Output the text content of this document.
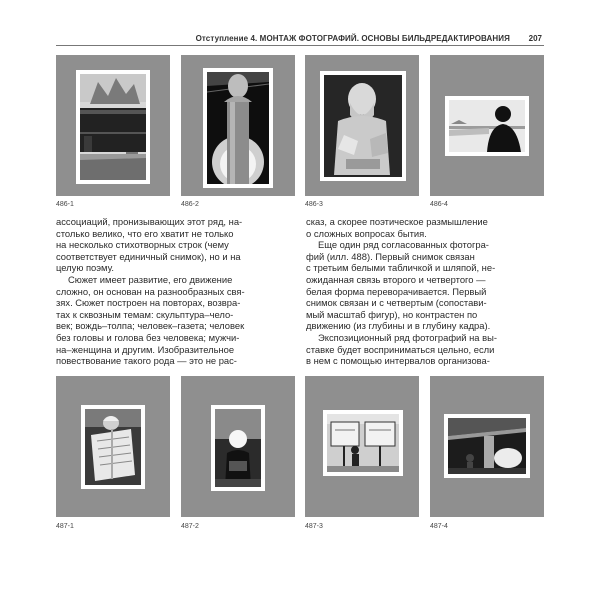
Отступление 4. МОНТАЖ ФОТОГРАФИЙ. ОСНОВЫ БИЛЬДРЕДАКТИРОВАНИЯ 207
486-1	486-2	486-3	486-4

ассоциаций, пронизывающих этот ряд, на-

столько велико, что его хватит не только

на несколько стихотворных строк (чему

соответствует единичный снимок), но и на

целую поэму.

Сюжет имеет развитие, его движение

сложно, он основан на разнообразных свя-

зях. Сюжет построен на повторах, возвра-

тах к сквозным темам: скульптура–чело-

век; вождь–толпа; человек–газета; человек

без головы и голова без человека; мужчи-

на–женщина и другим. Изобразительное

повествование такого рода — это не рас-

сказ, а скорее поэтическое размышление

о сложных вопросах бытия.

Еще один ряд согласованных фотогра-

фий (илл. 488). Первый снимок связан

с третьим белыми табличкой и шляпой, не-

ожиданная связь второго и четвертого —

белая форма переворачивается. Первый

снимок связан и с четвертым (сопостави-

мый масштаб фигур), но контрастен по

движению (из глубины и в глубину кадра).

Экспозиционный ряд фотографий на вы-

ставке будет восприниматься цельно, если

в нем с помощью интервалов организова-

487-1	487-2	487-3	487-4
